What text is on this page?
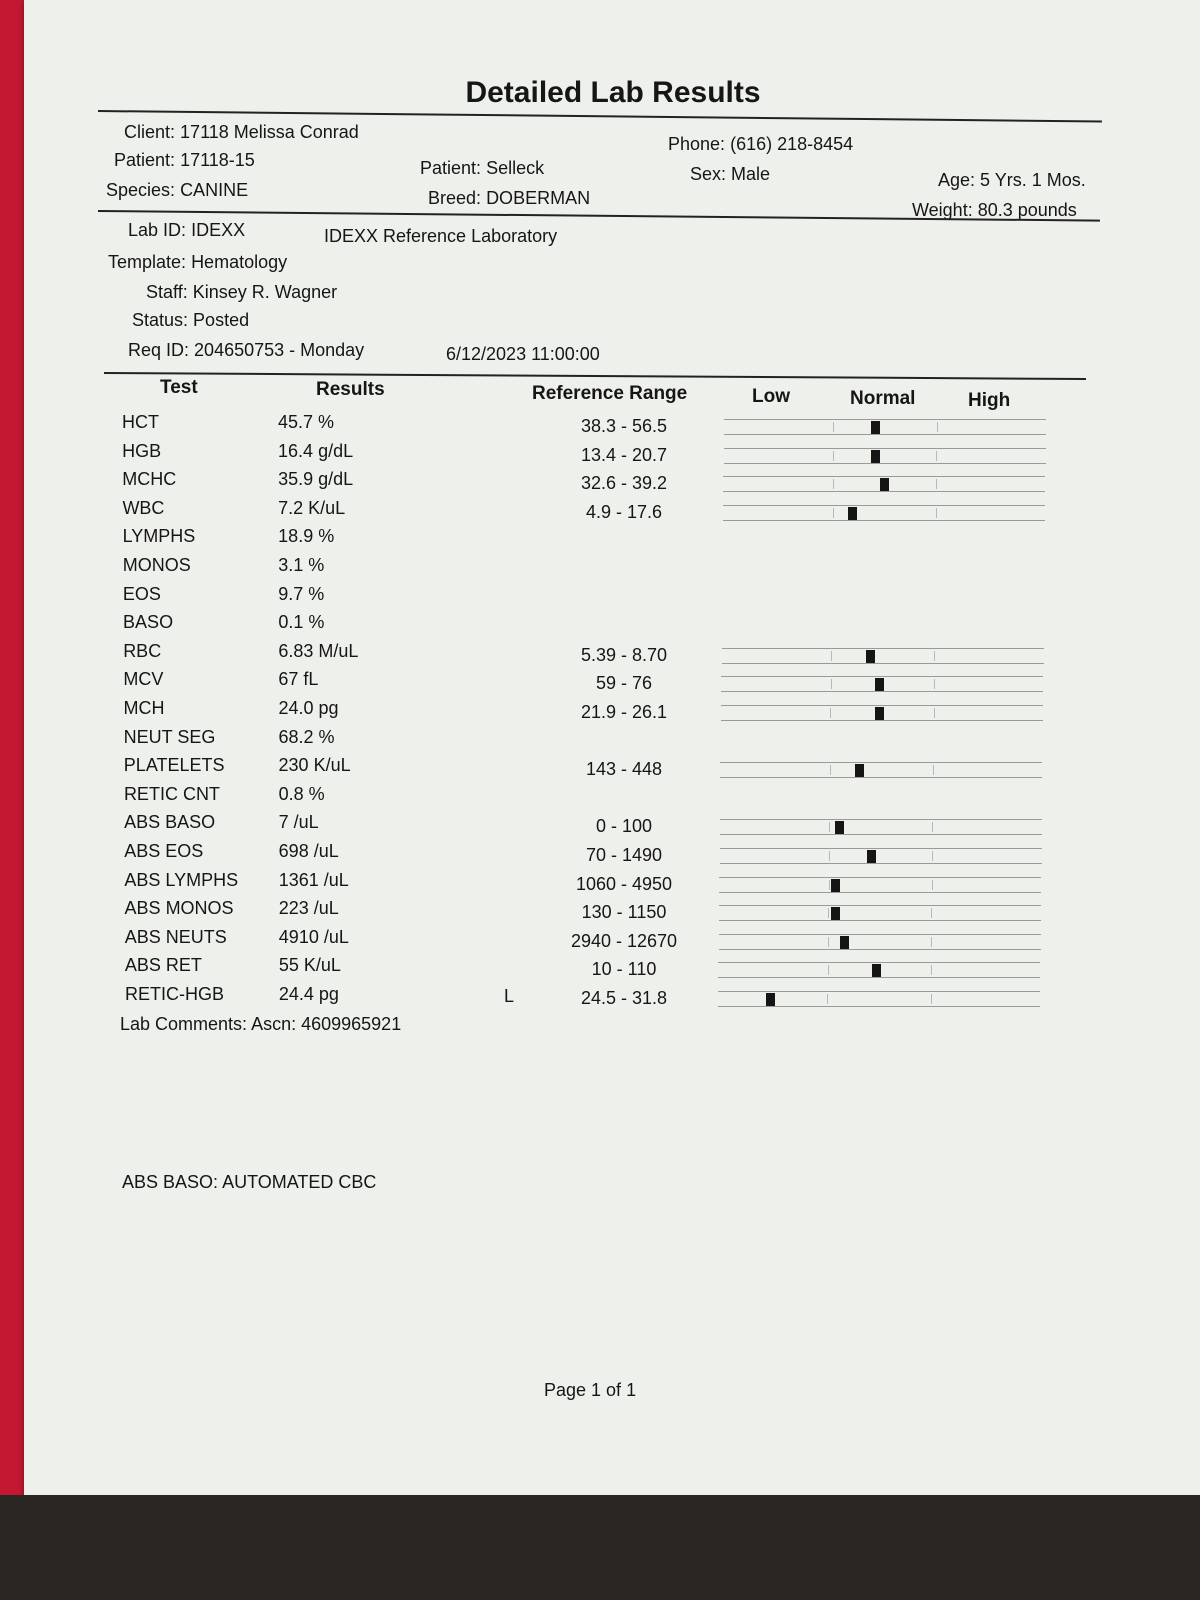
Detailed Lab Results
Client: 17118 Melissa Conrad
Patient: 17118-15
Species: CANINE
Patient: Selleck
Breed: DOBERMAN
Phone: (616) 218-8454
Sex: Male	Age: 5 Yrs. 1 Mos.
Weight: 80.3 pounds
Lab ID: IDEXX	IDEXX Reference Laboratory
Template: Hematology
Staff: Kinsey R. Wagner
Status: Posted
Req ID: 204650753 - Monday	6/12/2023 11:00:00
Test	Results	Reference Range	Low	Normal	High
HCT	45.7 %	38.3 - 56.5
HGB	16.4 g/dL	13.4 - 20.7
MCHC	35.9 g/dL	32.6 - 39.2
WBC	7.2 K/uL	4.9 - 17.6
LYMPHS	18.9 %
MONOS	3.1 %
EOS	9.7 %
BASO	0.1 %
RBC	6.83 M/uL	5.39 - 8.70
MCV	67 fL	59 - 76
MCH	24.0 pg	21.9 - 26.1
NEUT SEG	68.2 %
PLATELETS	230 K/uL	143 - 448
RETIC CNT	0.8 %
ABS BASO	7 /uL	0 - 100
ABS EOS	698 /uL	70 - 1490
ABS LYMPHS 1361 /uL	1060 - 4950
ABS MONOS	223 /uL	130 - 1150
ABS NEUTS	4910 /uL	2940 - 12670
ABS RET	55 K/uL	10 - 110
RETIC-HGB	24.4 pg	L	24.5 - 31.8
Lab Comments: Ascn: 4609965921
ABS BASO: AUTOMATED CBC
Page 1 of 1
